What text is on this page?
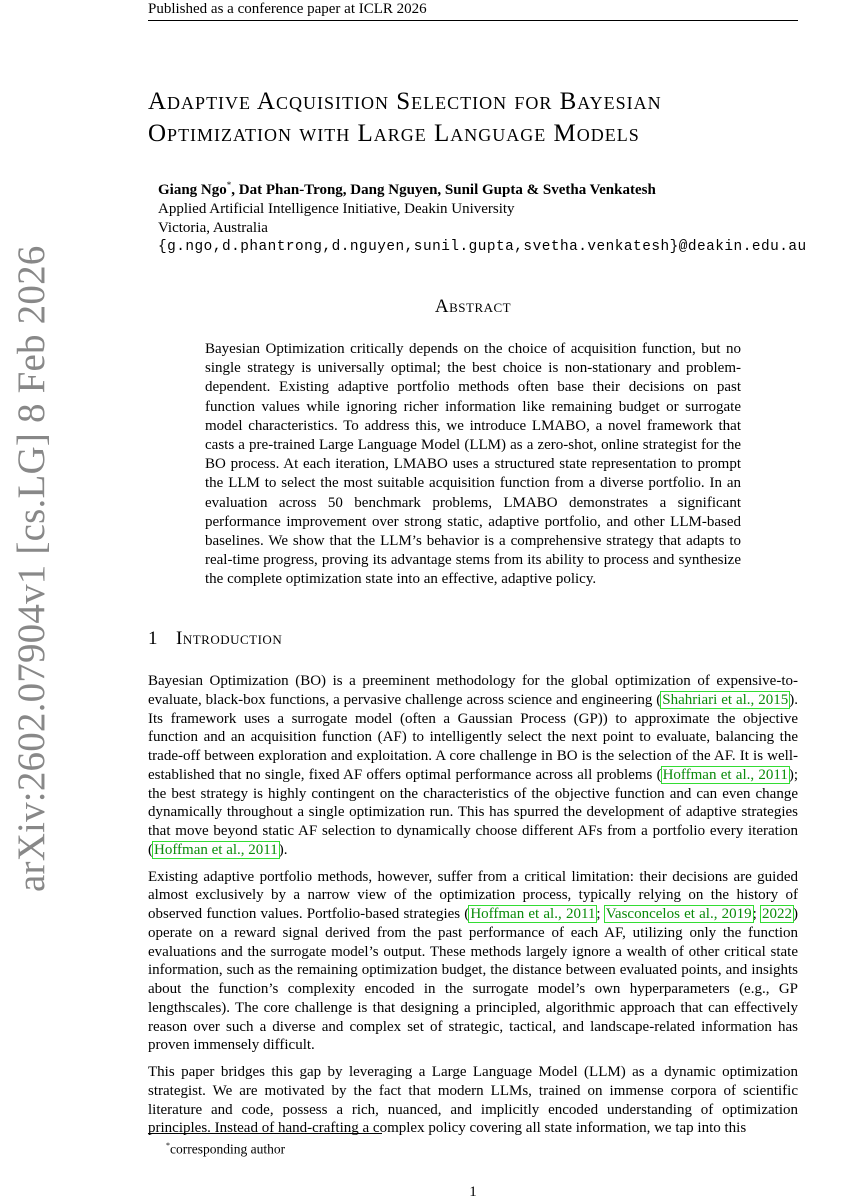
Published as a conference paper at ICLR 2026
arXiv:2602.07904v1 [cs.LG] 8 Feb 2026
Adaptive Acquisition Selection for Bayesian
Optimization with Large Language Models
Giang Ngo*, Dat Phan-Trong, Dang Nguyen, Sunil Gupta & Svetha Venkatesh
Applied Artificial Intelligence Initiative, Deakin University
Victoria, Australia
{g.ngo,d.phantrong,d.nguyen,sunil.gupta,svetha.venkatesh}@deakin.edu.au
Abstract
Bayesian Optimization critically depends on the choice of acquisition function, but no single strategy is universally optimal; the best choice is non-stationary and problem-dependent. Existing adaptive portfolio methods often base their decisions on past function values while ignoring richer information like remaining budget or surrogate model characteristics. To address this, we introduce LMABO, a novel framework that casts a pre-trained Large Language Model (LLM) as a zero-shot, online strategist for the BO process. At each iteration, LMABO uses a structured state representation to prompt the LLM to select the most suitable acquisition function from a diverse portfolio. In an evaluation across 50 benchmark problems, LMABO demonstrates a significant performance improvement over strong static, adaptive portfolio, and other LLM-based baselines. We show that the LLM’s behavior is a comprehensive strategy that adapts to real-time progress, proving its advantage stems from its ability to process and synthesize the complete optimization state into an effective, adaptive policy.
1 Introduction

Bayesian Optimization (BO) is a preeminent methodology for the global optimization of expensive-to-evaluate, black-box functions, a pervasive challenge across science and engineering (Shahriari et al., 2015). Its framework uses a surrogate model (often a Gaussian Process (GP)) to approximate the objective function and an acquisition function (AF) to intelligently select the next point to evaluate, balancing the trade-off between exploration and exploitation. A core challenge in BO is the selection of the AF. It is well-established that no single, fixed AF offers optimal performance across all problems (Hoffman et al., 2011); the best strategy is highly contingent on the characteristics of the objective function and can even change dynamically throughout a single optimization run. This has spurred the development of adaptive strategies that move beyond static AF selection to dynamically choose different AFs from a portfolio every iteration (Hoffman et al., 2011).

Existing adaptive portfolio methods, however, suffer from a critical limitation: their decisions are guided almost exclusively by a narrow view of the optimization process, typically relying on the history of observed function values. Portfolio-based strategies (Hoffman et al., 2011; Vasconcelos et al., 2019; 2022) operate on a reward signal derived from the past performance of each AF, utilizing only the function evaluations and the surrogate model’s output. These methods largely ignore a wealth of other critical state information, such as the remaining optimization budget, the distance between evaluated points, and insights about the function’s complexity encoded in the surrogate model’s own hyperparameters (e.g., GP lengthscales). The core challenge is that designing a principled, algorithmic approach that can effectively reason over such a diverse and complex set of strategic, tactical, and landscape-related information has proven immensely difficult.

This paper bridges this gap by leveraging a Large Language Model (LLM) as a dynamic optimization strategist. We are motivated by the fact that modern LLMs, trained on immense corpora of scientific literature and code, possess a rich, nuanced, and implicitly encoded understanding of optimization principles. Instead of hand-crafting a complex policy covering all state information, we tap into this

*corresponding author
1
